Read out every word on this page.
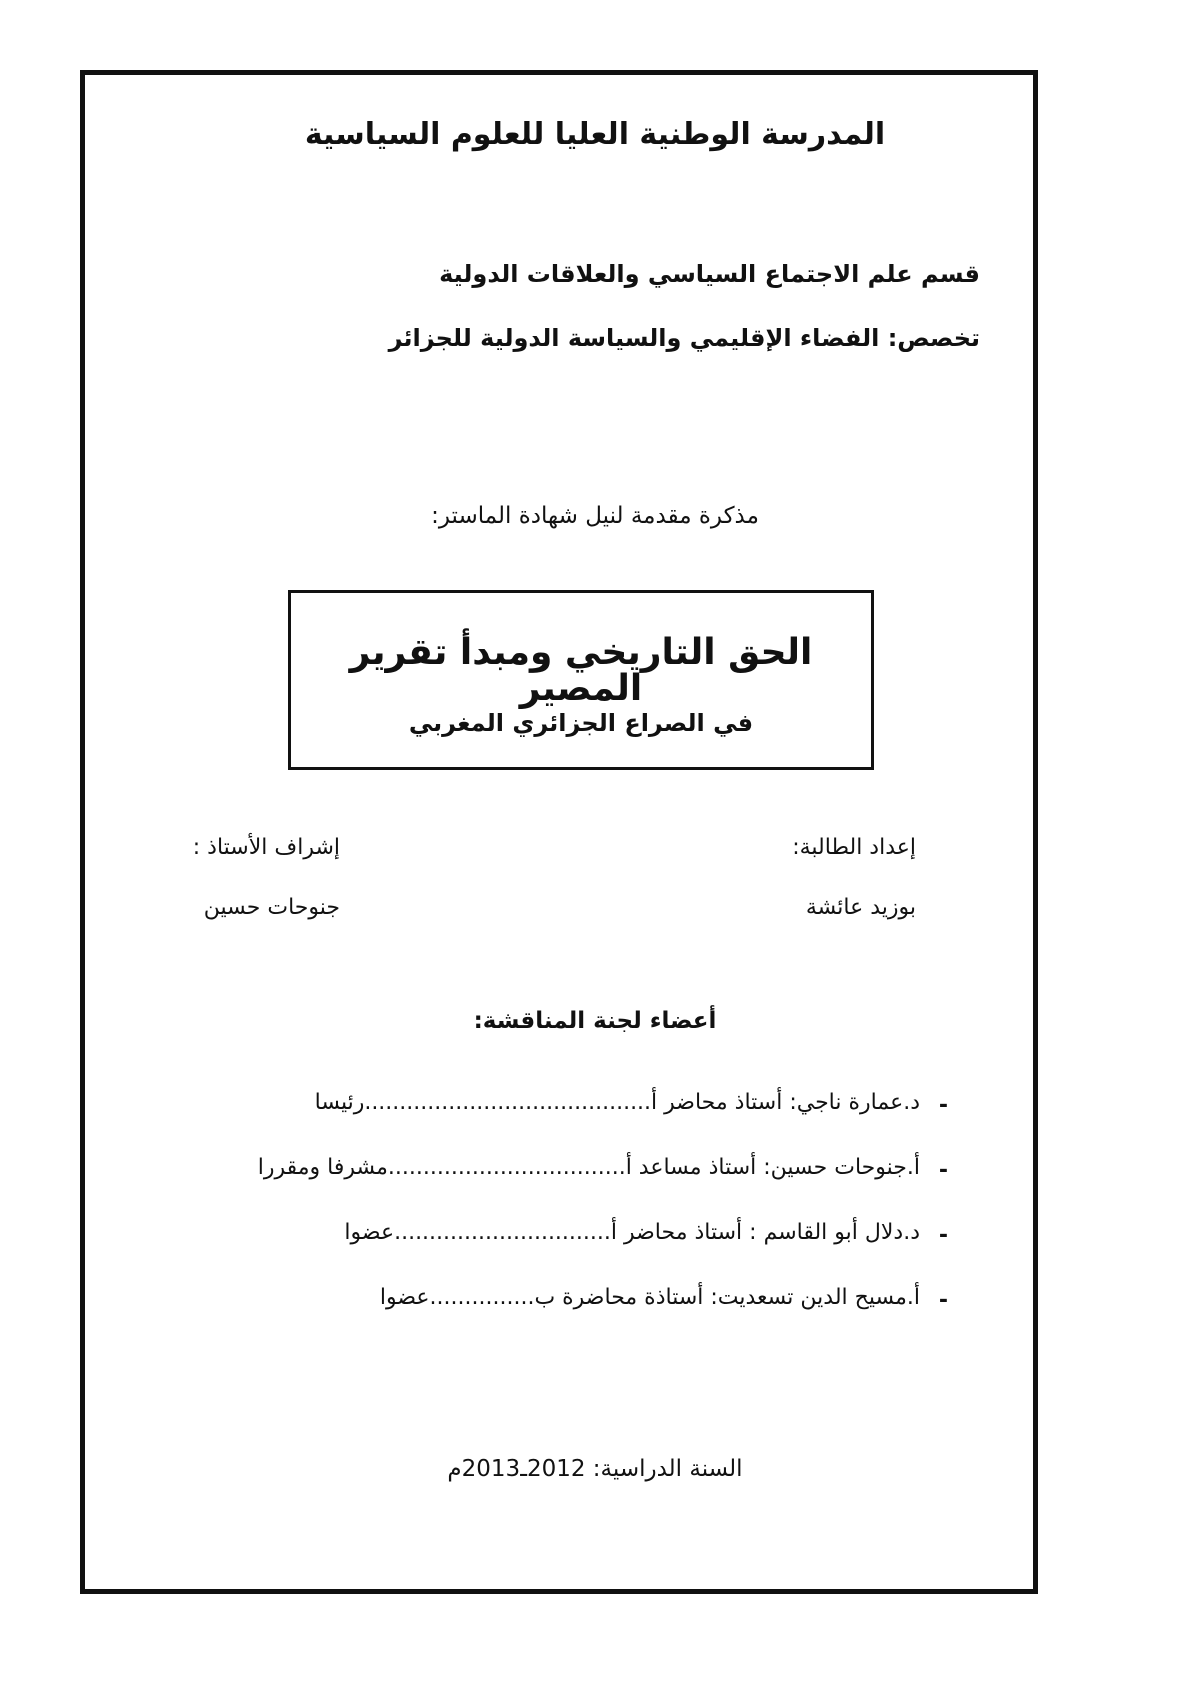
المدرسة الوطنية العليا للعلوم السياسية
قسم علم الاجتماع السياسي والعلاقات الدولية
تخصص: الفضاء الإقليمي والسياسة الدولية للجزائر
مذكرة مقدمة لنيل شهادة الماستر:
الحق التاريخي ومبدأ تقرير المصير
في الصراع الجزائري المغربي
إعداد الطالبة:
بوزيد عائشة
إشراف الأستاذ :
جنوحات حسين
أعضاء لجنة المناقشة:
-
د.عمارة ناجي: أستاذ محاضر أ.........................................رئيسا
-
أ.جنوحات حسين: أستاذ مساعد أ..................................مشرفا ومقررا
-
د.دلال أبو القاسم : أستاذ محاضر أ...............................عضوا
-
أ.مسيح الدين تسعديت: أستاذة محاضرة ب...............عضوا
السنة الدراسية: 2012ـ2013م
